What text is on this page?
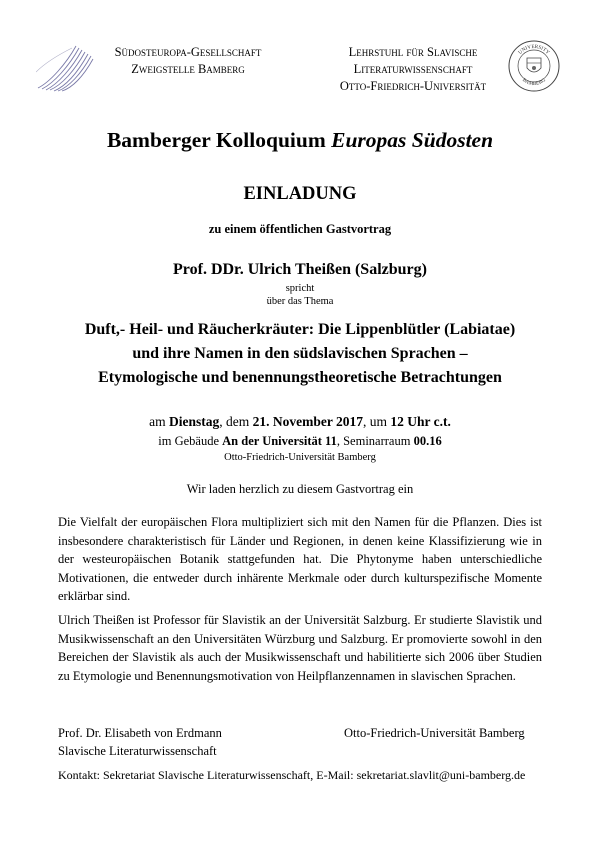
Südosteuropa-Gesellschaft
Zweigstelle Bamberg
Lehrstuhl für Slavische
Literaturwissenschaft
Otto-Friedrich-Universität
UNIVERSITY
BAMBERG
Bamberger Kolloquium Europas Südosten
EINLADUNG
zu einem öffentlichen Gastvortrag
Prof. DDr. Ulrich Theißen (Salzburg)
spricht
über das Thema
Duft,- Heil- und Räucherkräuter: Die Lippenblütler (Labiatae)
und ihre Namen in den südslavischen Sprachen –
Etymologische und benennungstheoretische Betrachtungen
am Dienstag, dem 21. November 2017, um 12 Uhr c.t.
im Gebäude An der Universität 11, Seminarraum 00.16
Otto-Friedrich-Universität Bamberg
Wir laden herzlich zu diesem Gastvortrag ein
Die Vielfalt der europäischen Flora multipliziert sich mit den Namen für die Pflanzen. Dies ist insbesondere charakteristisch für Länder und Regionen, in denen keine Klassifizierung wie in der westeuropäischen Botanik stattgefunden hat. Die Phytonyme haben unterschiedliche Motivationen, die entweder durch inhärente Merkmale oder durch kulturspezifische Momente erklärbar sind.
Ulrich Theißen ist Professor für Slavistik an der Universität Salzburg. Er studierte Slavistik und Musikwissenschaft an den Universitäten Würzburg und Salzburg. Er promovierte sowohl in den Bereichen der Slavistik als auch der Musikwissenschaft und habilitierte sich 2006 über Studien zu Etymologie und Benennungsmotivation von Heilpflanzennamen in slavischen Sprachen.
Prof. Dr. Elisabeth von Erdmann
Slavische Literaturwissenschaft
Otto-Friedrich-Universität Bamberg
Kontakt: Sekretariat Slavische Literaturwissenschaft, E-Mail: sekretariat.slavlit@uni-bamberg.de
